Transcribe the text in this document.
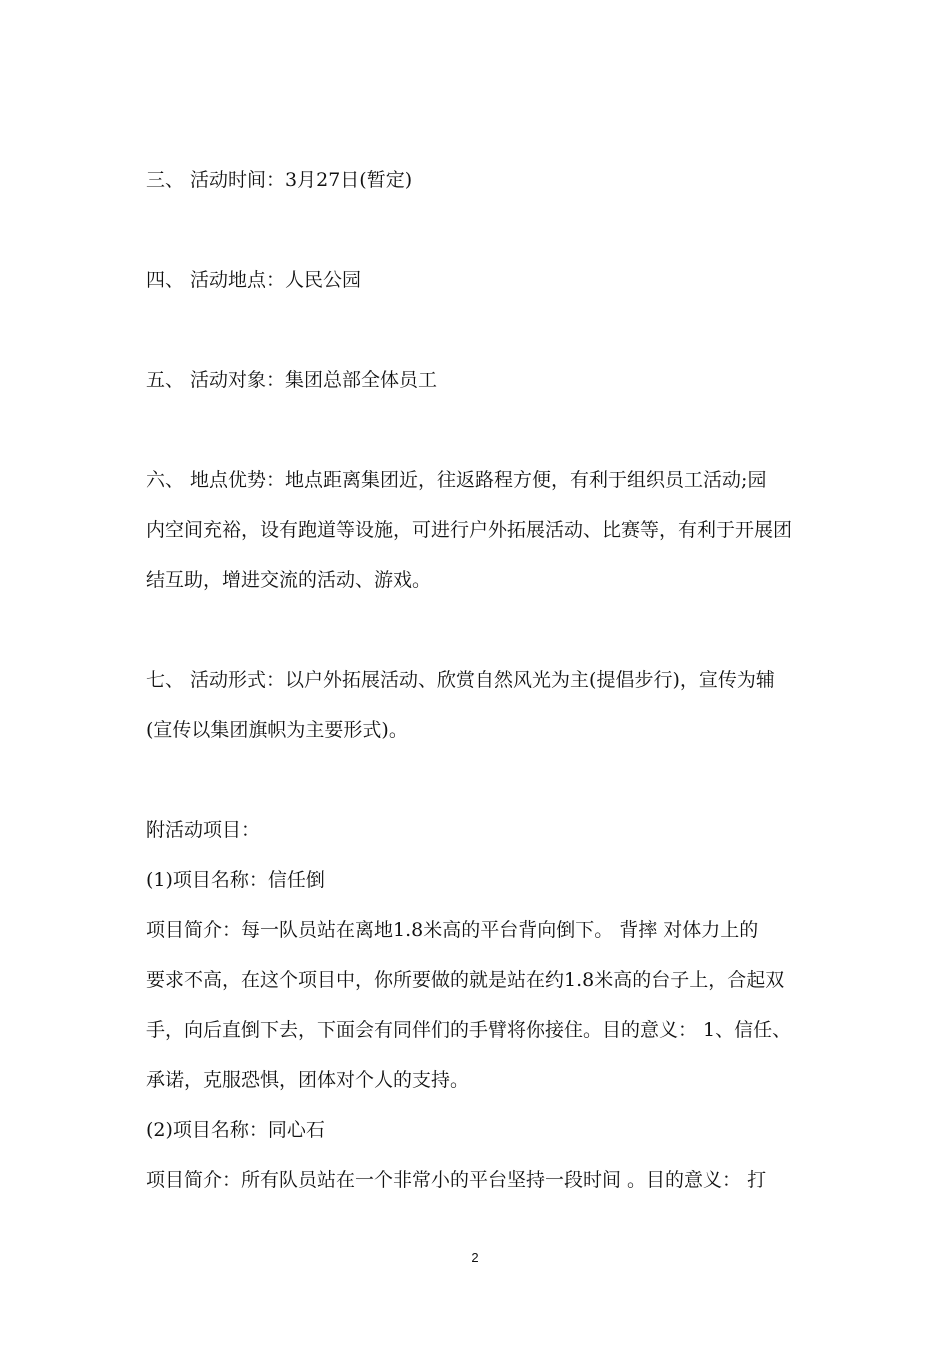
三、 活动时间：3月27日(暂定)
四、 活动地点：人民公园
五、 活动对象：集团总部全体员工
六、 地点优势：地点距离集团近，往返路程方便，有利于组织员工活动;园
内空间充裕，设有跑道等设施，可进行户外拓展活动、比赛等，有利于开展团
结互助，增进交流的活动、游戏。
七、 活动形式：以户外拓展活动、欣赏自然风光为主(提倡步行)，宣传为辅
(宣传以集团旗帜为主要形式)。
附活动项目：
(1)项目名称：信任倒
项目简介：每一队员站在离地1.8米高的平台背向倒下。 背摔 对体力上的
要求不高，在这个项目中，你所要做的就是站在约1.8米高的台子上，合起双
手，向后直倒下去，下面会有同伴们的手臂将你接住。目的意义： 1、信任、
承诺，克服恐惧，团体对个人的支持。
(2)项目名称：同心石
项目简介：所有队员站在一个非常小的平台坚持一段时间 。目的意义： 打
2
